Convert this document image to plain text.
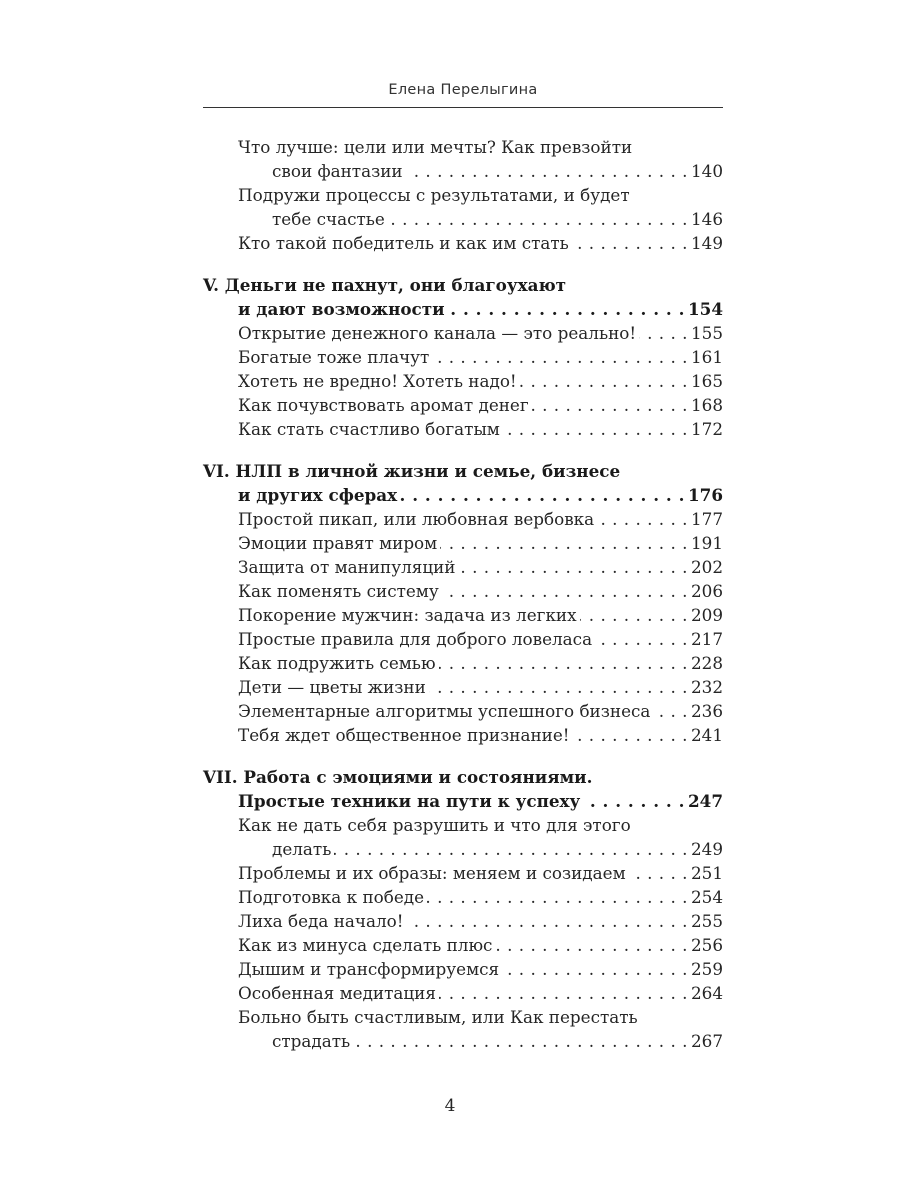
Елена Перелыгина
Что лучше: цели или мечты? Как превзойти
свои фантазии . . .	140
Подружи процессы с результатами, и будет
тебе счастье . . .	146
Кто такой победитель и как им стать . . .	149
V. Деньги не пахнут, они благоухают
и дают возможности . . .	154
Открытие денежного канала — это реально! . . .	155
Богатые тоже плачут . . .	161
Хотеть не вредно! Хотеть надо! . . .	165
Как почувствовать аромат денег . . .	168
Как стать счастливо богатым . . .	172
VI. НЛП в личной жизни и семье, бизнесе
и других сферах . . .	176
Простой пикап, или любовная вербовка . . .	177
Эмоции правят миром . . .	191
Защита от манипуляций . . .	202
Как поменять систему . . .	206
Покорение мужчин: задача из легких . . .	209
Простые правила для доброго ловеласа . . .	217
Как подружить семью . . .	228
Дети — цветы жизни . . .	232
Элементарные алгоритмы успешного бизнеса . . . 236
Тебя ждет общественное признание! . . .	241
VII. Работа с эмоциями и состояниями.
Простые техники на пути к успеху . . .	247
Как не дать себя разрушить и что для этого
делать . . .	249
Проблемы и их образы: меняем и созидаем . . .	251
Подготовка к победе . . .	254
Лиха беда начало! . . .	255
Как из минуса сделать плюс . . .	256
Дышим и трансформируемся . . .	259
Особенная медитация . . .	264
Больно быть счастливым, или Как перестать
страдать . . .	267
4
